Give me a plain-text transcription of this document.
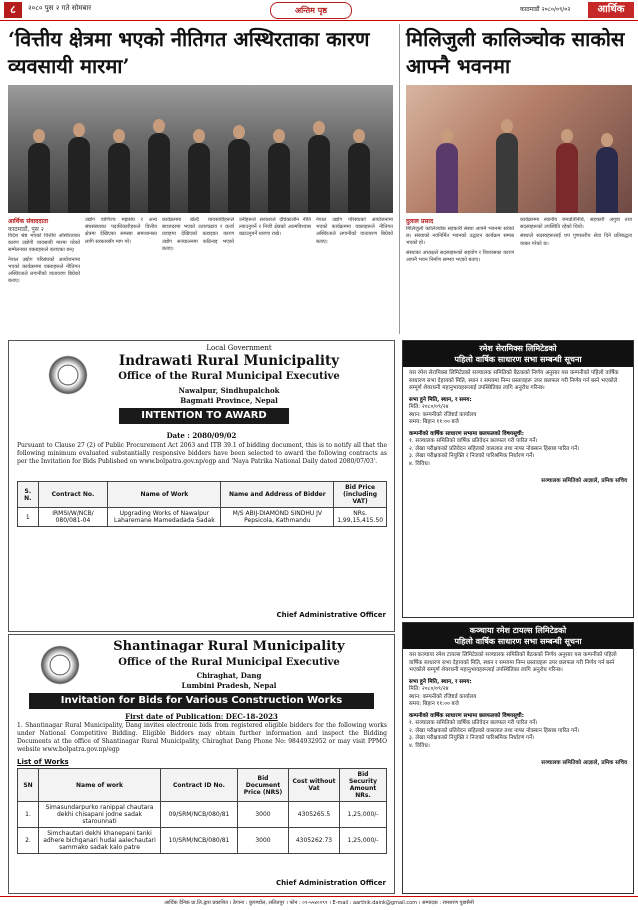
८	२०८० पुस २ गते सोमबार	अन्तिम पृष्ठ	काठमाडौं २०८०/०९/०२	आर्थिक
‘वित्तीय क्षेत्रमा भएको नीतिगत अस्थिरताका कारण व्यवसायी मारमा’
मिलिजुली कालिञ्चोक साकोस आफ्नै भवनमा
आर्थिक संवाददाता
काठमाडौं, पुस २
दुलाल प्रसाद

विदेश श्रेष्ठ भएको वित्तीय अस्थिरताका कारण उद्योगी व्यवसायी मारमा परेको सम्मेलनका वक्ताहरूले बताएका छन्।

नेपाल उद्योग परिसंघको आयोजनामा भएको कार्यक्रममा वक्ताहरूले नीतिगत अस्थिरताले लगानीको वातावरण बिग्रेको बताए।

उद्योग वाणिज्य महासंघ र अन्य संघसंस्थाका पदाधिकारीहरूले वित्तीय क्षेत्रमा देखिएका समस्या समाधानका लागि सरकारसँग माग गरे।

कार्यक्रममा बोल्दै व्यवसायीहरूले ब्याजदरमा भएको उतारचढाव र कर्जा प्रवाहमा देखिएको कडाइका कारण उद्योग सञ्चालनमा कठिनाइ भएको बताए।

उनीहरूले सरकारले दीर्घकालीन नीति ल्याउनुपर्ने र निजी क्षेत्रको आत्मविश्वास बढाउनुपर्ने धारणा राखे।

नेपाल उद्योग परिसंघको आयोजनामा भएको कार्यक्रममा वक्ताहरूले नीतिगत अस्थिरताले लगानीको वातावरण बिग्रेको बताए।

मिलिजुली कालिञ्चोक सहकारी संस्था आफ्नै भवनमा सरेको छ। संस्थाको नवनिर्मित भवनको उद्घाटन कार्यक्रम सम्पन्न भएको हो।

संस्थाका अध्यक्षले सदस्यहरूको सहयोग र विश्वासका कारण आफ्नै भवन निर्माण सम्भव भएको बताए।

कार्यक्रममा स्थानीय जनप्रतिनिधि, सहकारी अगुवा तथा सदस्यहरूको उपस्थिति रहेको थियो।

संस्थाले सदस्यहरूलाई थप गुणस्तरीय सेवा दिने प्रतिबद्धता व्यक्त गरेको छ।

Local Government
Indrawati Rural Municipality
Office of the Rural Municipal Executive
Nawalpur, Sindhupalchok
Bagmati Province, Nepal
INTENTION TO AWARD
Date : 2080/09/02
Pursuant to Clause 27 (2) of Public Procurement Act 2063 and ITB 39.1 of bidding document, this is to notify all that the following minimum evaluated substantially responsive bidders have been selected to award the following contracts as per the Invitation for Bids Published on www.bolpatra.gov.np/egp and 'Naya Patrika National Daily dated 2080/07/03'.
S. N.	Contract No.	Name of Work	Name and Address of Bidder	Bid Price (including VAT)
1	IRMSI/W/NCB/ 080/081-04	Upgrading Works of Nawalpur Laharemane Mamedadada Sadak	M/S ABIJ-DIAMOND SINDHU JV Pepsicola, Kathmandu	NRs. 1,99,15,415.50
Chief Administrative Officer
Shantinagar Rural Municipality
Office of the Rural Municipal Executive
Chiraghat, Dang
Lumbini Pradesh, Nepal
Invitation for Bids for Various Construction Works
First date of Publication: DEC-18-2023
1. Shantinagar Rural Municipality, Dang invites electronic bids from registered eligible bidders for the following works under National Competitive Bidding. Eligible Bidders may obtain further information and inspect the Bidding Documents at the office of Shantinagar Rural Municipality, Chiraghat Dang Phone No: 9844932952 or may visit PPMO website www.bolpatra.gov.np/egp
List of Works
SN	Name of work	Contract ID No.	Bid Document Price (NRS)	Cost without Vat	Bid Security Amount NRs.
1.	Simasundarpurko ranippal chautara dekhi chisapani jodne sadak starounnati	09/SRM/NCB/080/81	3000	4305265.5	1,25,000/-
2.	Simchautari dekhi khanepani tanki adhere bichganari hudai aalechautari sammako sadak kalo patre	10/SRM/NCB/080/81	3000	4305262.73	1,25,000/-
Chief Administration Officer
रमेश सेरामिक्स लिमिटेडको
पहिलो वार्षिक साधारण सभा सम्बन्धी सूचना
यस रमेश सेरामिक्स लिमिटेडको सञ्चालक समितिको बैठकको निर्णय अनुसार यस कम्पनीको पहिलो वार्षिक साधारण सभा देहायको मिति, स्थान र समयमा निम्न प्रस्तावहरू उपर छलफल गरी निर्णय गर्न बस्ने भएकोले सम्पूर्ण शेयरधनी महानुभावहरूलाई उपस्थितिका लागि अनुरोध गरिन्छ।
सभा हुने मिति, स्थान, र समय:
मिति: २०८०/०९/२४
स्थान: कम्पनीको रजिष्टर्ड कार्यालय
समय: बिहान ११:०० बजे
कम्पनीको वार्षिक साधारण सभामा छलफलको विषयसूची:
१. सञ्चालक समितिको वार्षिक प्रतिवेदन छलफल गरी पारित गर्ने।
२. लेखा परीक्षकको प्रतिवेदन सहितको वासलात तथा नाफा नोक्सान हिसाब पारित गर्ने।
३. लेखा परीक्षकको नियुक्ति र निजको पारिश्रमिक निर्धारण गर्ने।
४. विविध।
सञ्चालक समितिको आज्ञाले, प्रमिक सचिव
कञ्चाया रमेश टायल्स लिमिटेडको
पहिलो वार्षिक साधारण सभा सम्बन्धी सूचना
यस कञ्चाया रमेश टायल्स लिमिटेडको सञ्चालक समितिको बैठकको निर्णय अनुसार यस कम्पनीको पहिलो वार्षिक साधारण सभा देहायको मिति, स्थान र समयमा निम्न प्रस्तावहरू उपर छलफल गरी निर्णय गर्न बस्ने भएकोले सम्पूर्ण शेयरधनी महानुभावहरूलाई उपस्थितिका लागि अनुरोध गरिन्छ।
सभा हुने मिति, स्थान, र समय:
मिति: २०८०/०९/२४
स्थान: कम्पनीको रजिष्टर्ड कार्यालय
समय: बिहान ११:०० बजे
कम्पनीको वार्षिक साधारण सभामा छलफलको विषयसूची:
१. सञ्चालक समितिको वार्षिक प्रतिवेदन छलफल गरी पारित गर्ने।
२. लेखा परीक्षकको प्रतिवेदन सहितको वासलात तथा नाफा नोक्सान हिसाब पारित गर्ने।
३. लेखा परीक्षकको नियुक्ति र निजको पारिश्रमिक निर्धारण गर्ने।
४. विविध।
सञ्चालक समितिको आज्ञाले, प्रमिक सचिव
आर्थिक दैनिक प्रा.लि.द्वारा प्रकाशित । ठेगाना : कुपण्डोल, ललितपुर । फोन : ०१-५५४०२९९ । E-mail : aarthik.daink@gmail.com । सम्पादक : रामशरण पुडासैनी
